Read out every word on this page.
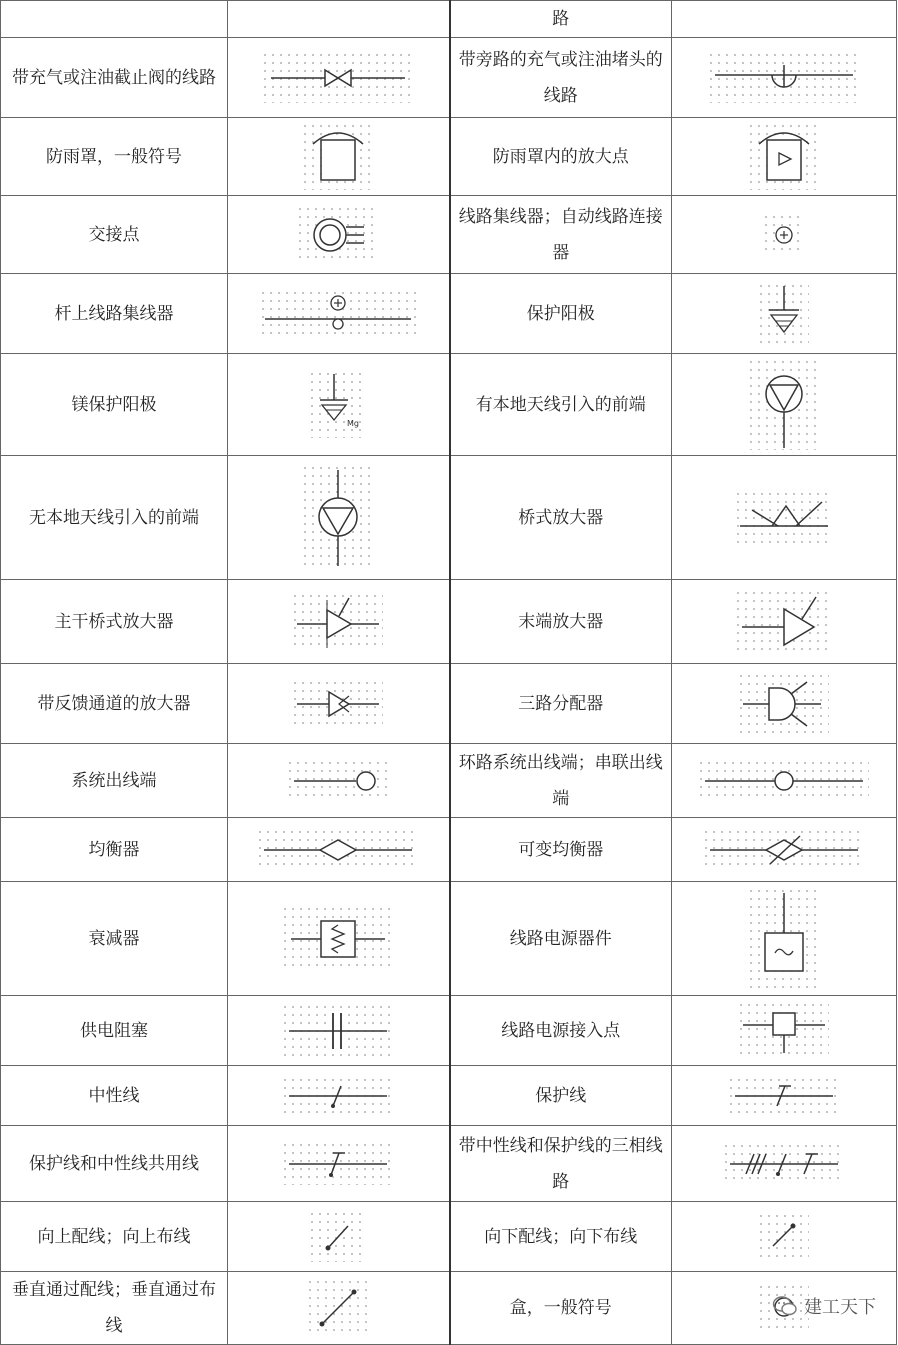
		路	
带充气或注油截止阀的线路		带旁路的充气或注油堵头的线路	

防雨罩，一般符号		防雨罩内的放大点	

交接点		线路集线器；自动线路连接器	

杆上线路集线器		保护阳极	

镁保护阳极	Mg	有本地天线引入的前端	

无本地天线引入的前端		桥式放大器	

主干桥式放大器		末端放大器	

带反馈通道的放大器		三路分配器	

系统出线端		环路系统出线端；串联出线端	

均衡器		可变均衡器	

衰减器		线路电源器件	

供电阻塞		线路电源接入点	

中性线		保护线	

保护线和中性线共用线		带中性线和保护线的三相线路	

向上配线；向上布线		向下配线；向下布线	

垂直通过配线；垂直通过布线		盒，一般符号		建工天下
